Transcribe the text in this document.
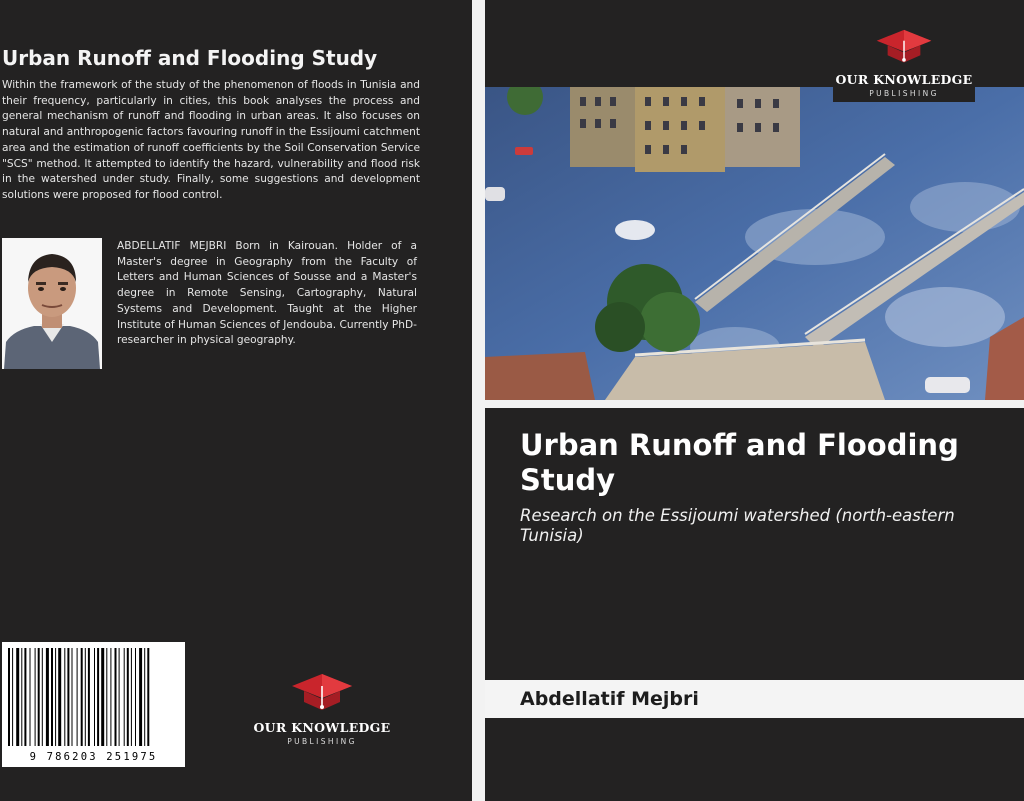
Urban Runoff and Flooding Study

Within the framework of the study of the phenomenon of floods in Tunisia and their frequency, particularly in cities, this book analyses the process and general mechanism of runoff and flooding in urban areas. It also focuses on natural and anthropogenic factors favouring runoff in the Essijoumi catchment area and the estimation of runoff coefficients by the Soil Conservation Service "SCS" method. It attempted to identify the hazard, vulnerability and flood risk in the watershed under study. Finally, some suggestions and development solutions were proposed for flood control.

ABDELLATIF MEJBRI Born in Kairouan. Holder of a Master's degree in Geography from the Faculty of Letters and Human Sciences of Sousse and a Master's degree in Remote Sensing, Cartography, Natural Systems and Development. Taught at the Higher Institute of Human Sciences of Jendouba. Currently PhD-researcher in physical geography.

9 786203 251975
OUR KNOWLEDGE
PUBLISHING
OUR KNOWLEDGE
PUBLISHING
Urban Runoff and Flooding Study

Research on the Essijoumi watershed (north-eastern Tunisia)

Abdellatif Mejbri
